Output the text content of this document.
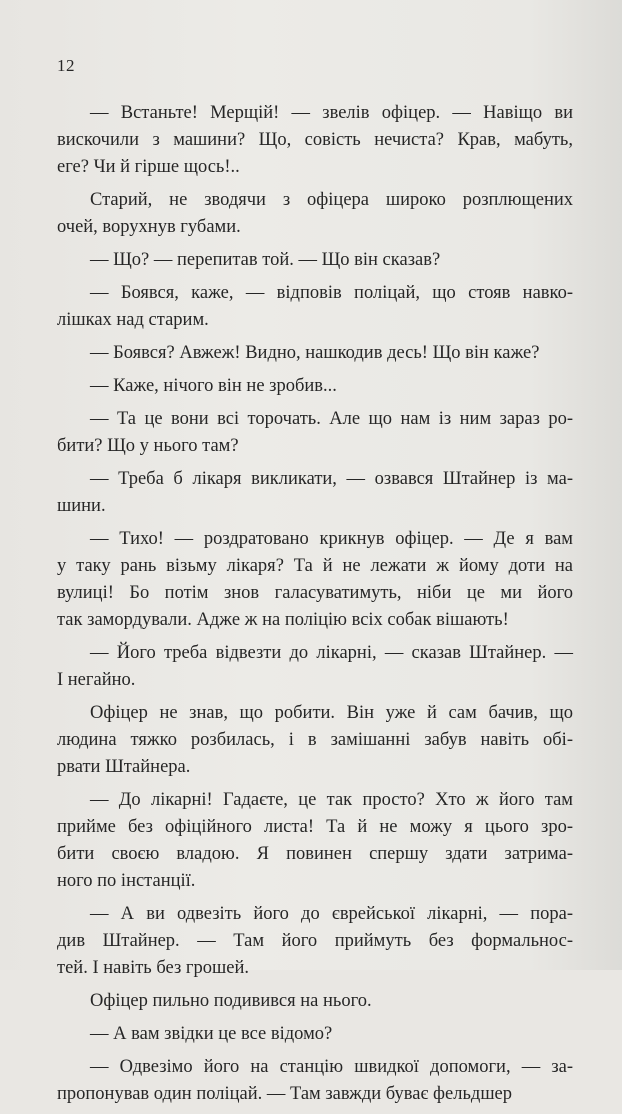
12
— Встаньте! Мерщій! — звелів офіцер. — Навіщо ви
вискочили з машини? Що, совість нечиста? Крав, мабуть,
еге? Чи й гірше щось!..
Старий, не зводячи з офіцера широко розплющених
очей, ворухнув губами.
— Що? — перепитав той. — Що він сказав?
— Боявся, каже, — відповів поліцай, що стояв навко-
лішках над старим.
— Боявся? Авжеж! Видно, нашкодив десь! Що він каже?
— Каже, нічого він не зробив...
— Та це вони всі торочать. Але що нам із ним зараз ро-
бити? Що у нього там?
— Треба б лікаря викликати, — озвався Штайнер із ма-
шини.
— Тихо! — роздратовано крикнув офіцер. — Де я вам
у таку рань візьму лікаря? Та й не лежати ж йому доти на
вулиці! Бо потім знов галасуватимуть, ніби це ми його
так замордували. Адже ж на поліцію всіх собак вішають!
— Його треба відвезти до лікарні, — сказав Штайнер. —
І негайно.
Офіцер не знав, що робити. Він уже й сам бачив, що
людина тяжко розбилась, і в замішанні забув навіть обі-
рвати Штайнера.
— До лікарні! Гадаєте, це так просто? Хто ж його там
прийме без офіційного листа! Та й не можу я цього зро-
бити своєю владою. Я повинен спершу здати затрима-
ного по інстанції.
— А ви одвезіть його до єврейської лікарні, — пора-
див Штайнер. — Там його приймуть без формальнос-
тей. І навіть без грошей.
Офіцер пильно подивився на нього.
— А вам звідки це все відомо?
— Одвезімо його на станцію швидкої допомоги, — за-
пропонував один поліцай. — Там завжди буває фельдшер
